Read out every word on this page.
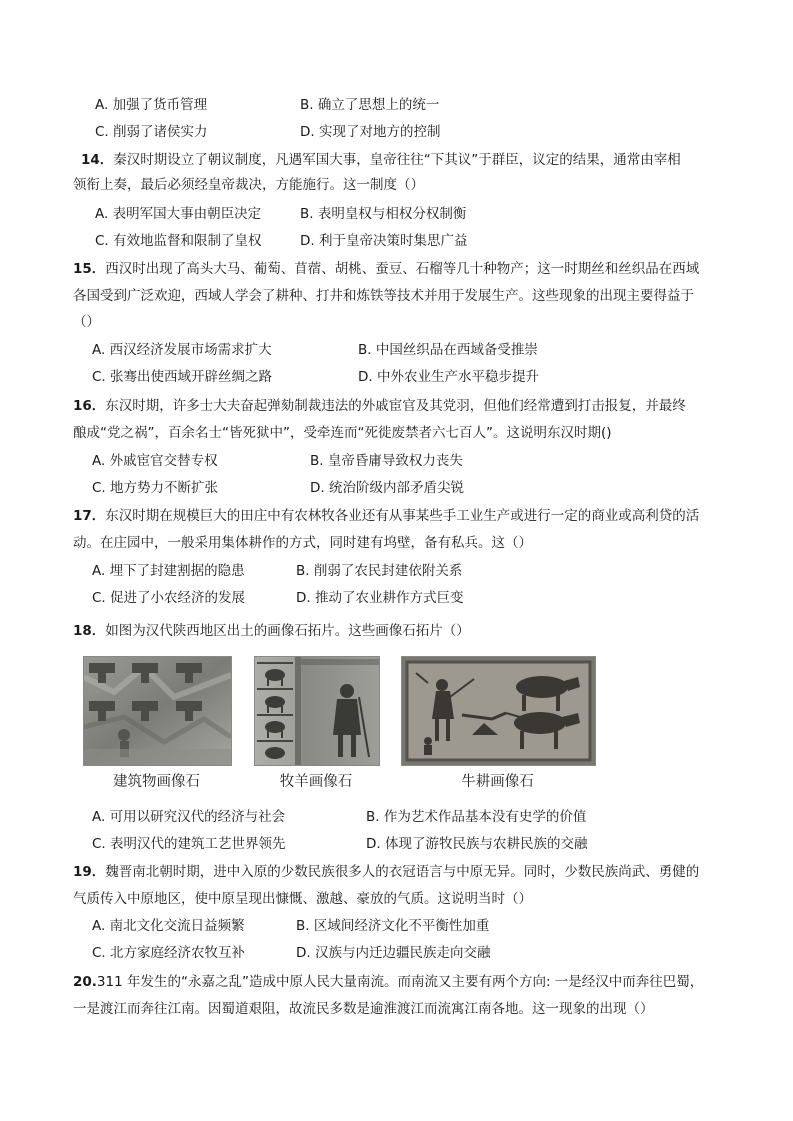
A. 加强了货币管理	B. 确立了思想上的统一
C. 削弱了诸侯实力	D. 实现了对地方的控制
14．秦汉时期设立了朝议制度，凡遇军国大事，皇帝往往“下其议”于群臣，议定的结果，通常由宰相
领衔上奏，最后必须经皇帝裁决，方能施行。这一制度（）
A. 表明军国大事由朝臣决定	B. 表明皇权与相权分权制衡
C. 有效地监督和限制了皇权	D. 利于皇帝决策时集思广益
15．西汉时出现了高头大马、葡萄、苜蓿、胡桃、蚕豆、石榴等几十种物产；这一时期丝和丝织品在西域
各国受到广泛欢迎，西域人学会了耕种、打井和炼铁等技术并用于发展生产。这些现象的出现主要得益于
（）
A. 西汉经济发展市场需求扩大	B. 中国丝织品在西域备受推崇
C. 张骞出使西域开辟丝绸之路	D. 中外农业生产水平稳步提升
16．东汉时期，许多士大夫奋起弹劾制裁违法的外戚宦官及其党羽，但他们经常遭到打击报复，并最终
酿成“党之祸”，百余名士“皆死狱中”，受牵连而“死徙废禁者六七百人”。这说明东汉时期()
A. 外戚宦官交替专权	B. 皇帝昏庸导致权力丧失
C. 地方势力不断扩张	D. 统治阶级内部矛盾尖锐
17．东汉时期在规模巨大的田庄中有农林牧各业还有从事某些手工业生产或进行一定的商业或高利贷的活
动。在庄园中，一般采用集体耕作的方式，同时建有坞壁，备有私兵。这（）
A. 埋下了封建割据的隐患	B. 削弱了农民封建依附关系
C. 促进了小农经济的发展	D. 推动了农业耕作方式巨变
18．如图为汉代陕西地区出土的画像石拓片。这些画像石拓片（）
建筑物画像石	牧羊画像石	牛耕画像石
A. 可用以研究汉代的经济与社会	B. 作为艺术作品基本没有史学的价值
C. 表明汉代的建筑工艺世界领先	D. 体现了游牧民族与农耕民族的交融
19．魏晋南北朝时期，进中入原的少数民族很多人的衣冠语言与中原无异。同时，少数民族尚武、勇健的
气质传入中原地区，使中原呈现出慷慨、激越、豪放的气质。这说明当时（）
A. 南北文化交流日益频繁	B. 区域间经济文化不平衡性加重
C. 北方家庭经济农牧互补	D. 汉族与内迁边疆民族走向交融
20.311 年发生的“永嘉之乱”造成中原人民大量南流。而南流又主要有两个方向: 一是经汉中而奔往巴蜀，
一是渡江而奔往江南。因蜀道艰阻，故流民多数是逾淮渡江而流寓江南各地。这一现象的出现（）
